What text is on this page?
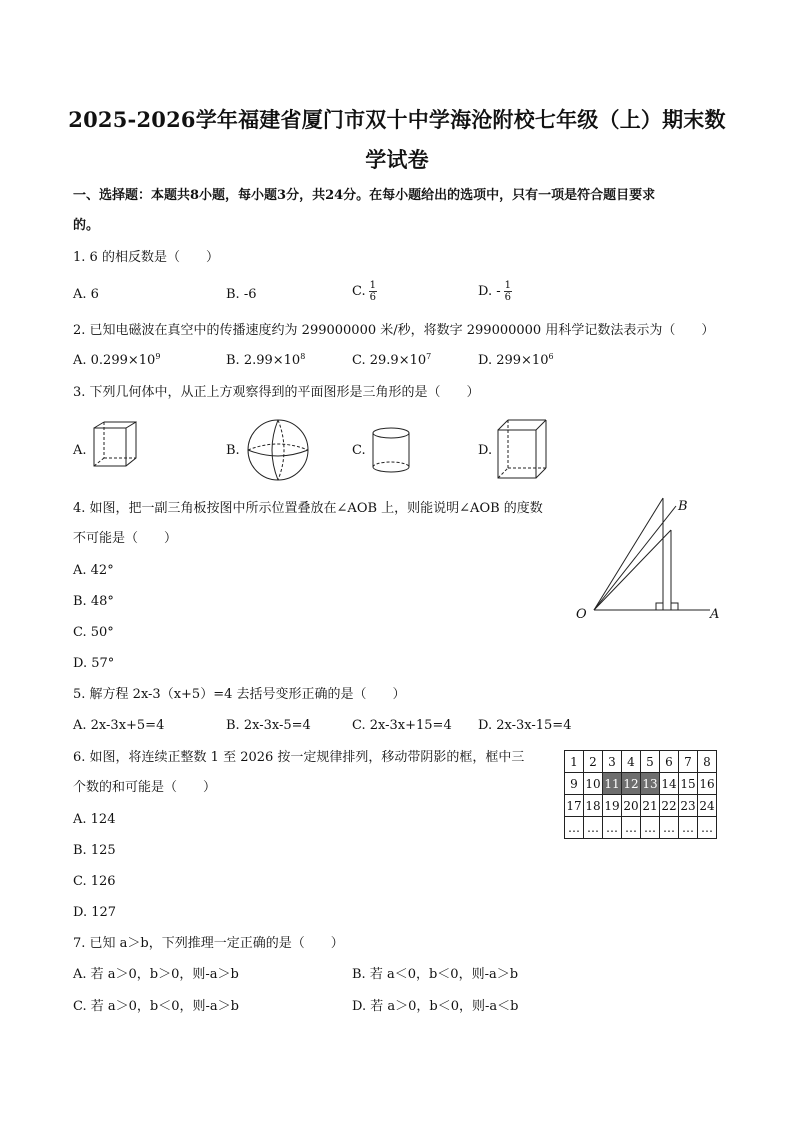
2025-2026学年福建省厦门市双十中学海沧附校七年级（上）期末数
学试卷
一、选择题：本题共8小题，每小题3分，共24分。在每小题给出的选项中，只有一项是符合题目要求
的。
1. 6 的相反数是（　　）
A. 6	B. -6	C. $\frac{1}{6}$	D. - $\frac{1}{6}$
2. 已知电磁波在真空中的传播速度约为 299000000 米/秒，将数字 299000000 用科学记数法表示为（　　）
A. $0.299\times 10^9$	B. $2.99\times 10^8$	C. $29.9\times 10^7$	D. $299\times 10^6$
3. 下列几何体中，从正上方观察得到的平面图形是三角形的是（　　）
A.	B.	C.	D.
4. 如图，把一副三角板按图中所示位置叠放在∠AOB 上，则能说明∠AOB 的度数
不可能是（　　）
A. 42°
B. 48°
C. 50°
D. 57°
O	A
B
5. 解方程 2x-3（x+5）=4 去括号变形正确的是（　　）
A. 2x-3x+5=4	B. 2x-3x-5=4	C. 2x-3x+15=4 D. 2x-3x-15=4
6. 如图，将连续正整数 1 至 2026 按一定规律排列，移动带阴影的框，框中三
个数的和可能是（　　）
A. 124
B. 125
C. 126
D. 127
1	2	3	4	5	6	7	8
9	10	11	12	13	14	15	16
17	18	19	20	21	22	23	24
…	…	…	…	…	…	…	…
7. 已知 a＞b，下列推理一定正确的是（　　）
A. 若 a＞0，b＞0，则-a＞b	B. 若 a＜0，b＜0，则-a＞b
C. 若 a＞0，b＜0，则-a＞b	D. 若 a＞0，b＜0，则-a＜b
